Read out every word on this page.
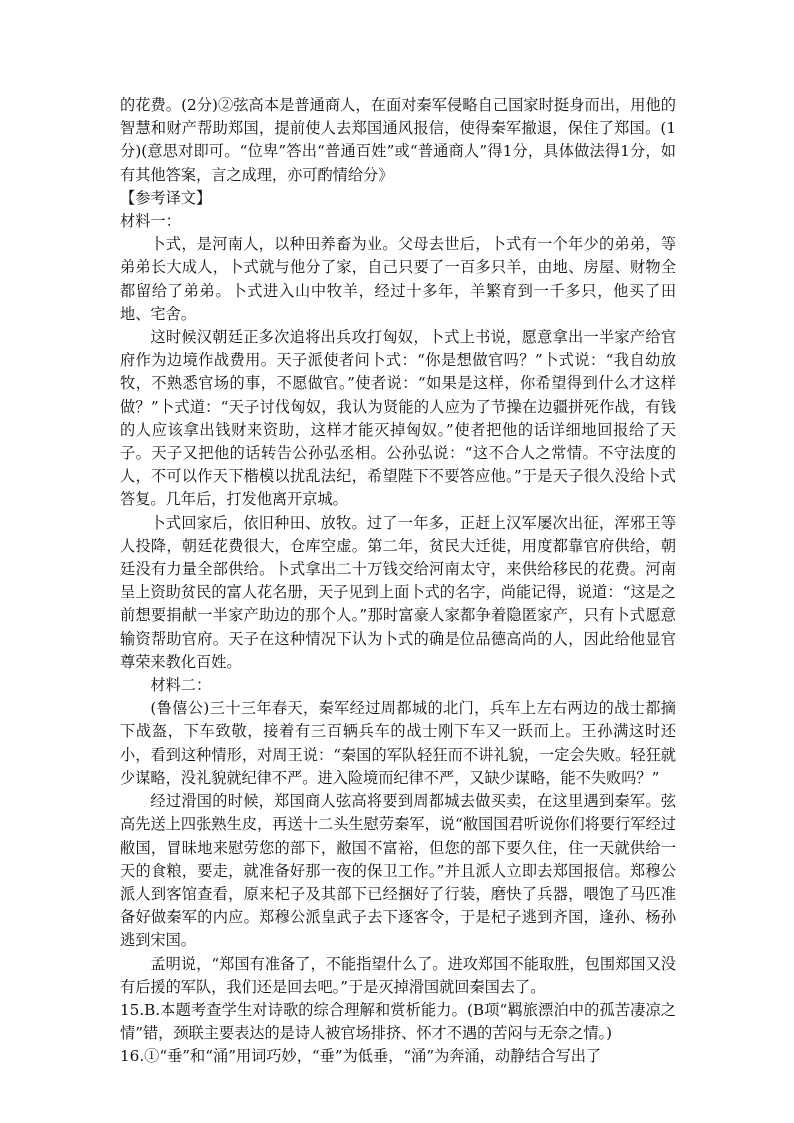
的花费。(2分)②弦高本是普通商人，在面对秦军侵略自己国家时挺身而出，用他的智慧和财产帮助郑国，提前使人去郑国通风报信，使得秦军撤退，保住了郑国。(1分)(意思对即可。“位卑”答出“普通百姓”或“普通商人”得1分，具体做法得1分，如有其他答案，言之成理，亦可酌情给分》

【参考译文】

材料一：

卜式，是河南人，以种田养畜为业。父母去世后，卜式有一个年少的弟弟，等弟弟长大成人，卜式就与他分了家，自己只要了一百多只羊，由地、房屋、财物全都留给了弟弟。卜式进入山中牧羊，经过十多年，羊繁育到一千多只，他买了田地、宅舍。

这时候汉朝廷正多次追将出兵攻打匈奴，卜式上书说，愿意拿出一半家产给官府作为边境作战费用。天子派使者问卜式：“你是想做官吗？”卜式说：“我自幼放牧，不熟悉官场的事，不愿做官。”使者说：“如果是这样，你希望得到什么才这样做？”卜式道：“天子讨伐匈奴，我认为贤能的人应为了节操在边疆拼死作战，有钱的人应该拿出钱财来资助，这样才能灭掉匈奴。”使者把他的话详细地回报给了天子。天子又把他的话转告公孙弘丞相。公孙弘说：“这不合人之常情。不守法度的人，不可以作天下楷模以扰乱法纪，希望陛下不要答应他。”于是天子很久没给卜式答复。几年后，打发他离开京城。

卜式回家后，依旧种田、放牧。过了一年多，正赶上汉军屡次出征，浑邪王等人投降，朝廷花费很大，仓库空虚。第二年，贫民大迁徙，用度都靠官府供给，朝廷没有力量全部供给。卜式拿出二十万钱交给河南太守，来供给移民的花费。河南呈上资助贫民的富人花名册，天子见到上面卜式的名字，尚能记得，说道：“这是之前想要捐献一半家产助边的那个人。”那时富豪人家都争着隐匿家产，只有卜式愿意输资帮助官府。天子在这种情况下认为卜式的确是位品德高尚的人，因此给他显官尊荣来教化百姓。

材料二：

(鲁僖公)三十三年春天，秦军经过周都城的北门，兵车上左右两边的战士都摘下战盔，下车致敬，接着有三百辆兵车的战士刚下车又一跃而上。王孙满这时还小，看到这种情形，对周王说：“秦国的军队轻狂而不讲礼貌，一定会失败。轻狂就少谋略，没礼貌就纪律不严。进入险境而纪律不严，又缺少谋略，能不失败吗？”

经过滑国的时候，郑国商人弦高将要到周都城去做买卖，在这里遇到秦军。弦高先送上四张熟生皮，再送十二头生慰劳秦军，说“敝国国君听说你们将要行军经过敝国，冒昧地来慰劳您的部下，敝国不富裕，但您的部下要久住，住一天就供给一天的食粮，要走，就准备好那一夜的保卫工作。”并且派人立即去郑国报信。郑穆公派人到客馆查看，原来杞子及其部下已经捆好了行装，磨快了兵器，喂饱了马匹准备好做秦军的内应。郑穆公派皇武子去下逐客令，于是杞子逃到齐国，逢孙、杨孙逃到宋国。

孟明说，“郑国有准备了，不能指望什么了。进攻郑国不能取胜，包围郑国又没有后援的军队，我们还是回去吧。”于是灭掉滑国就回秦国去了。

15.B.本题考查学生对诗歌的综合理解和赏析能力。(B项“羁旅漂泊中的孤苦凄凉之情”错，颈联主要表达的是诗人被官场排挤、怀才不遇的苦闷与无奈之情。)

16.①“垂”和“涌”用词巧妙，“垂”为低垂，“涌”为奔涌，动静结合写出了
